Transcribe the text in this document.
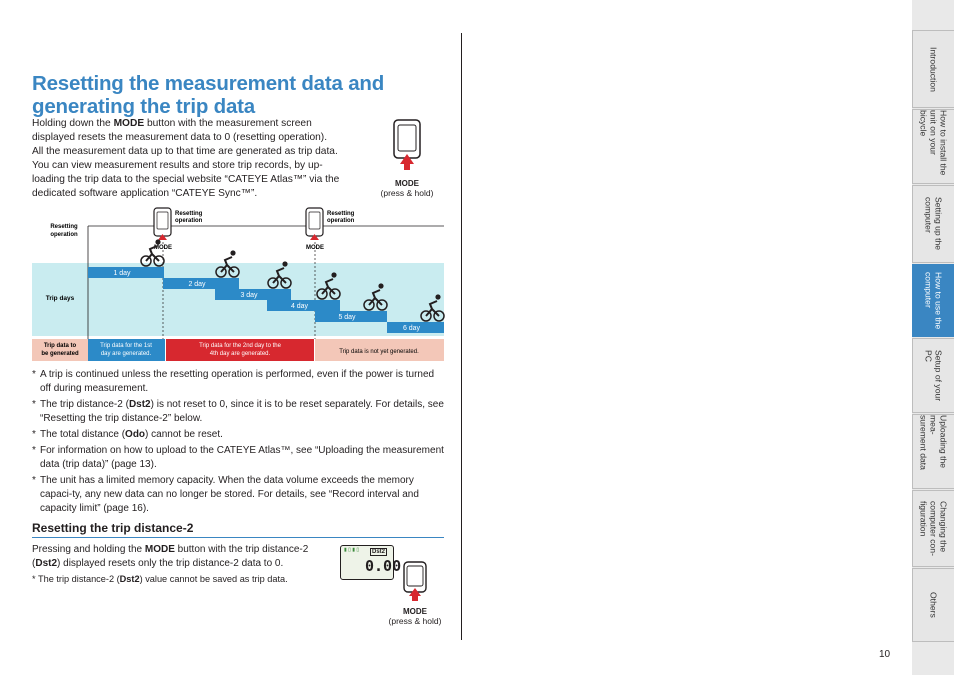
Resetting the measurement data and generating the trip data

Holding down the MODE button with the measurement screen displayed resets the measurement data to 0 (resetting operation).

All the measurement data up to that time are generated as trip data.

You can view measurement results and store trip records, by up-loading the trip data to the special website “CATEYE Atlas™” via the dedicated software application “CATEYE Sync™”.

MODE
(press & hold)
Resetting
operation
Trip days
Trip data to
be generated
MODE
Resetting
operation
MODE
Resetting
operation
1 day
2 day
3 day
4 day
5 day
6 day
Trip data for the 1st
day are generated.
Trip data for the 2nd day to the
4th day are generated.	Trip data is not yet generated.
* A trip is continued unless the resetting operation is performed, even if the power is turned off during measurement.
* The trip distance-2 (Dst2) is not reset to 0, since it is to be reset separately. For details, see “Resetting the trip distance-2” below.
* The total distance (Odo) cannot be reset.
* For information on how to upload to the CATEYE Atlas™, see “Uploading the measurement data (trip data)” (page 13).
* The unit has a limited memory capacity. When the data volume exceeds the memory capaci-ty, any new data can no longer be stored. For details, see “Record interval and capacity limit” (page 16).
Resetting the trip distance-2
Pressing and holding the MODE button with the trip distance-2 (Dst2) displayed resets only the trip distance-2 data to 0.
* The trip distance-2 (Dst2) value cannot be saved as trip data.
▮ ▯ ▮ ▯	Dst2
0.00
MODE
(press & hold)
10
Introduction
How to install the
unit on your bicycle
Setting up the
computer
How to use the
computer
Setup of your
PC
Uploading the mea-
surement data
Changing the
computer con-
figuration
Others
